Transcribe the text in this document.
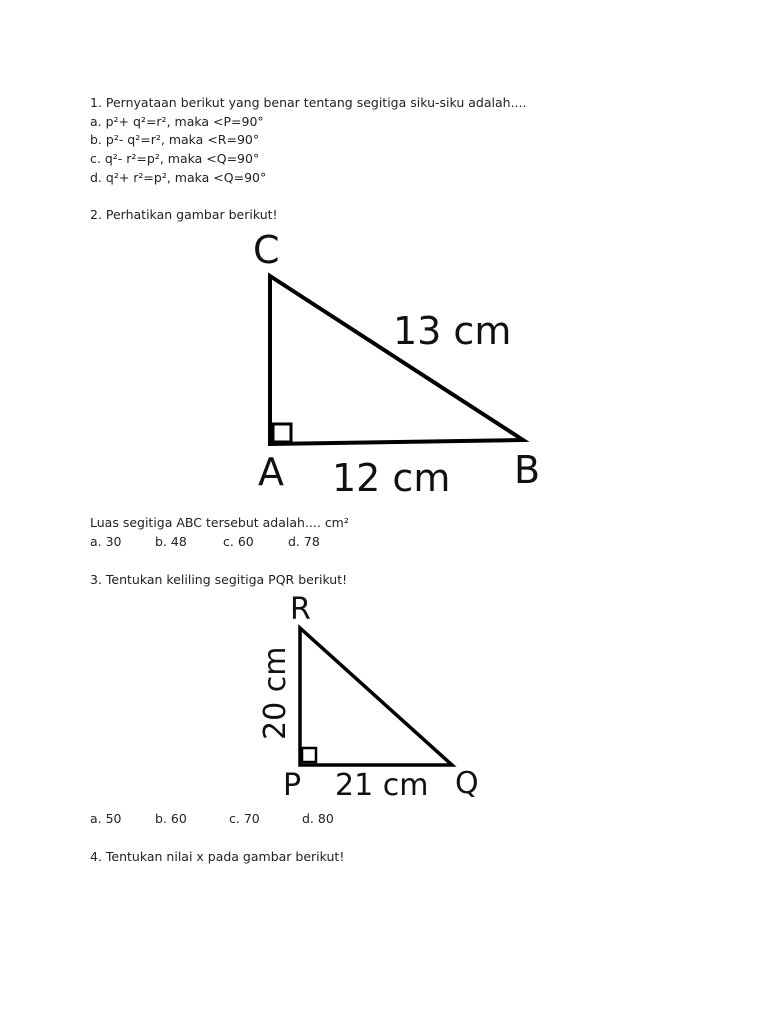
1. Pernyataan berikut yang benar tentang segitiga siku-siku adalah....
a. p²+ q²=r², maka <P=90°
b. p²- q²=r², maka <R=90°
c. q²- r²=p², maka <Q=90°
d. q²+ r²=p², maka <Q=90°
2. Perhatikan gambar berikut!
C
A	B
13 cm
12 cm
Luas segitiga ABC tersebut adalah.... cm²
a. 30	b. 48	c. 60	d. 78
3. Tentukan keliling segitiga PQR berikut!
R
P	Q
20 cm
21 cm
a. 50	b. 60	c. 70	d. 80
4. Tentukan nilai x pada gambar berikut!
